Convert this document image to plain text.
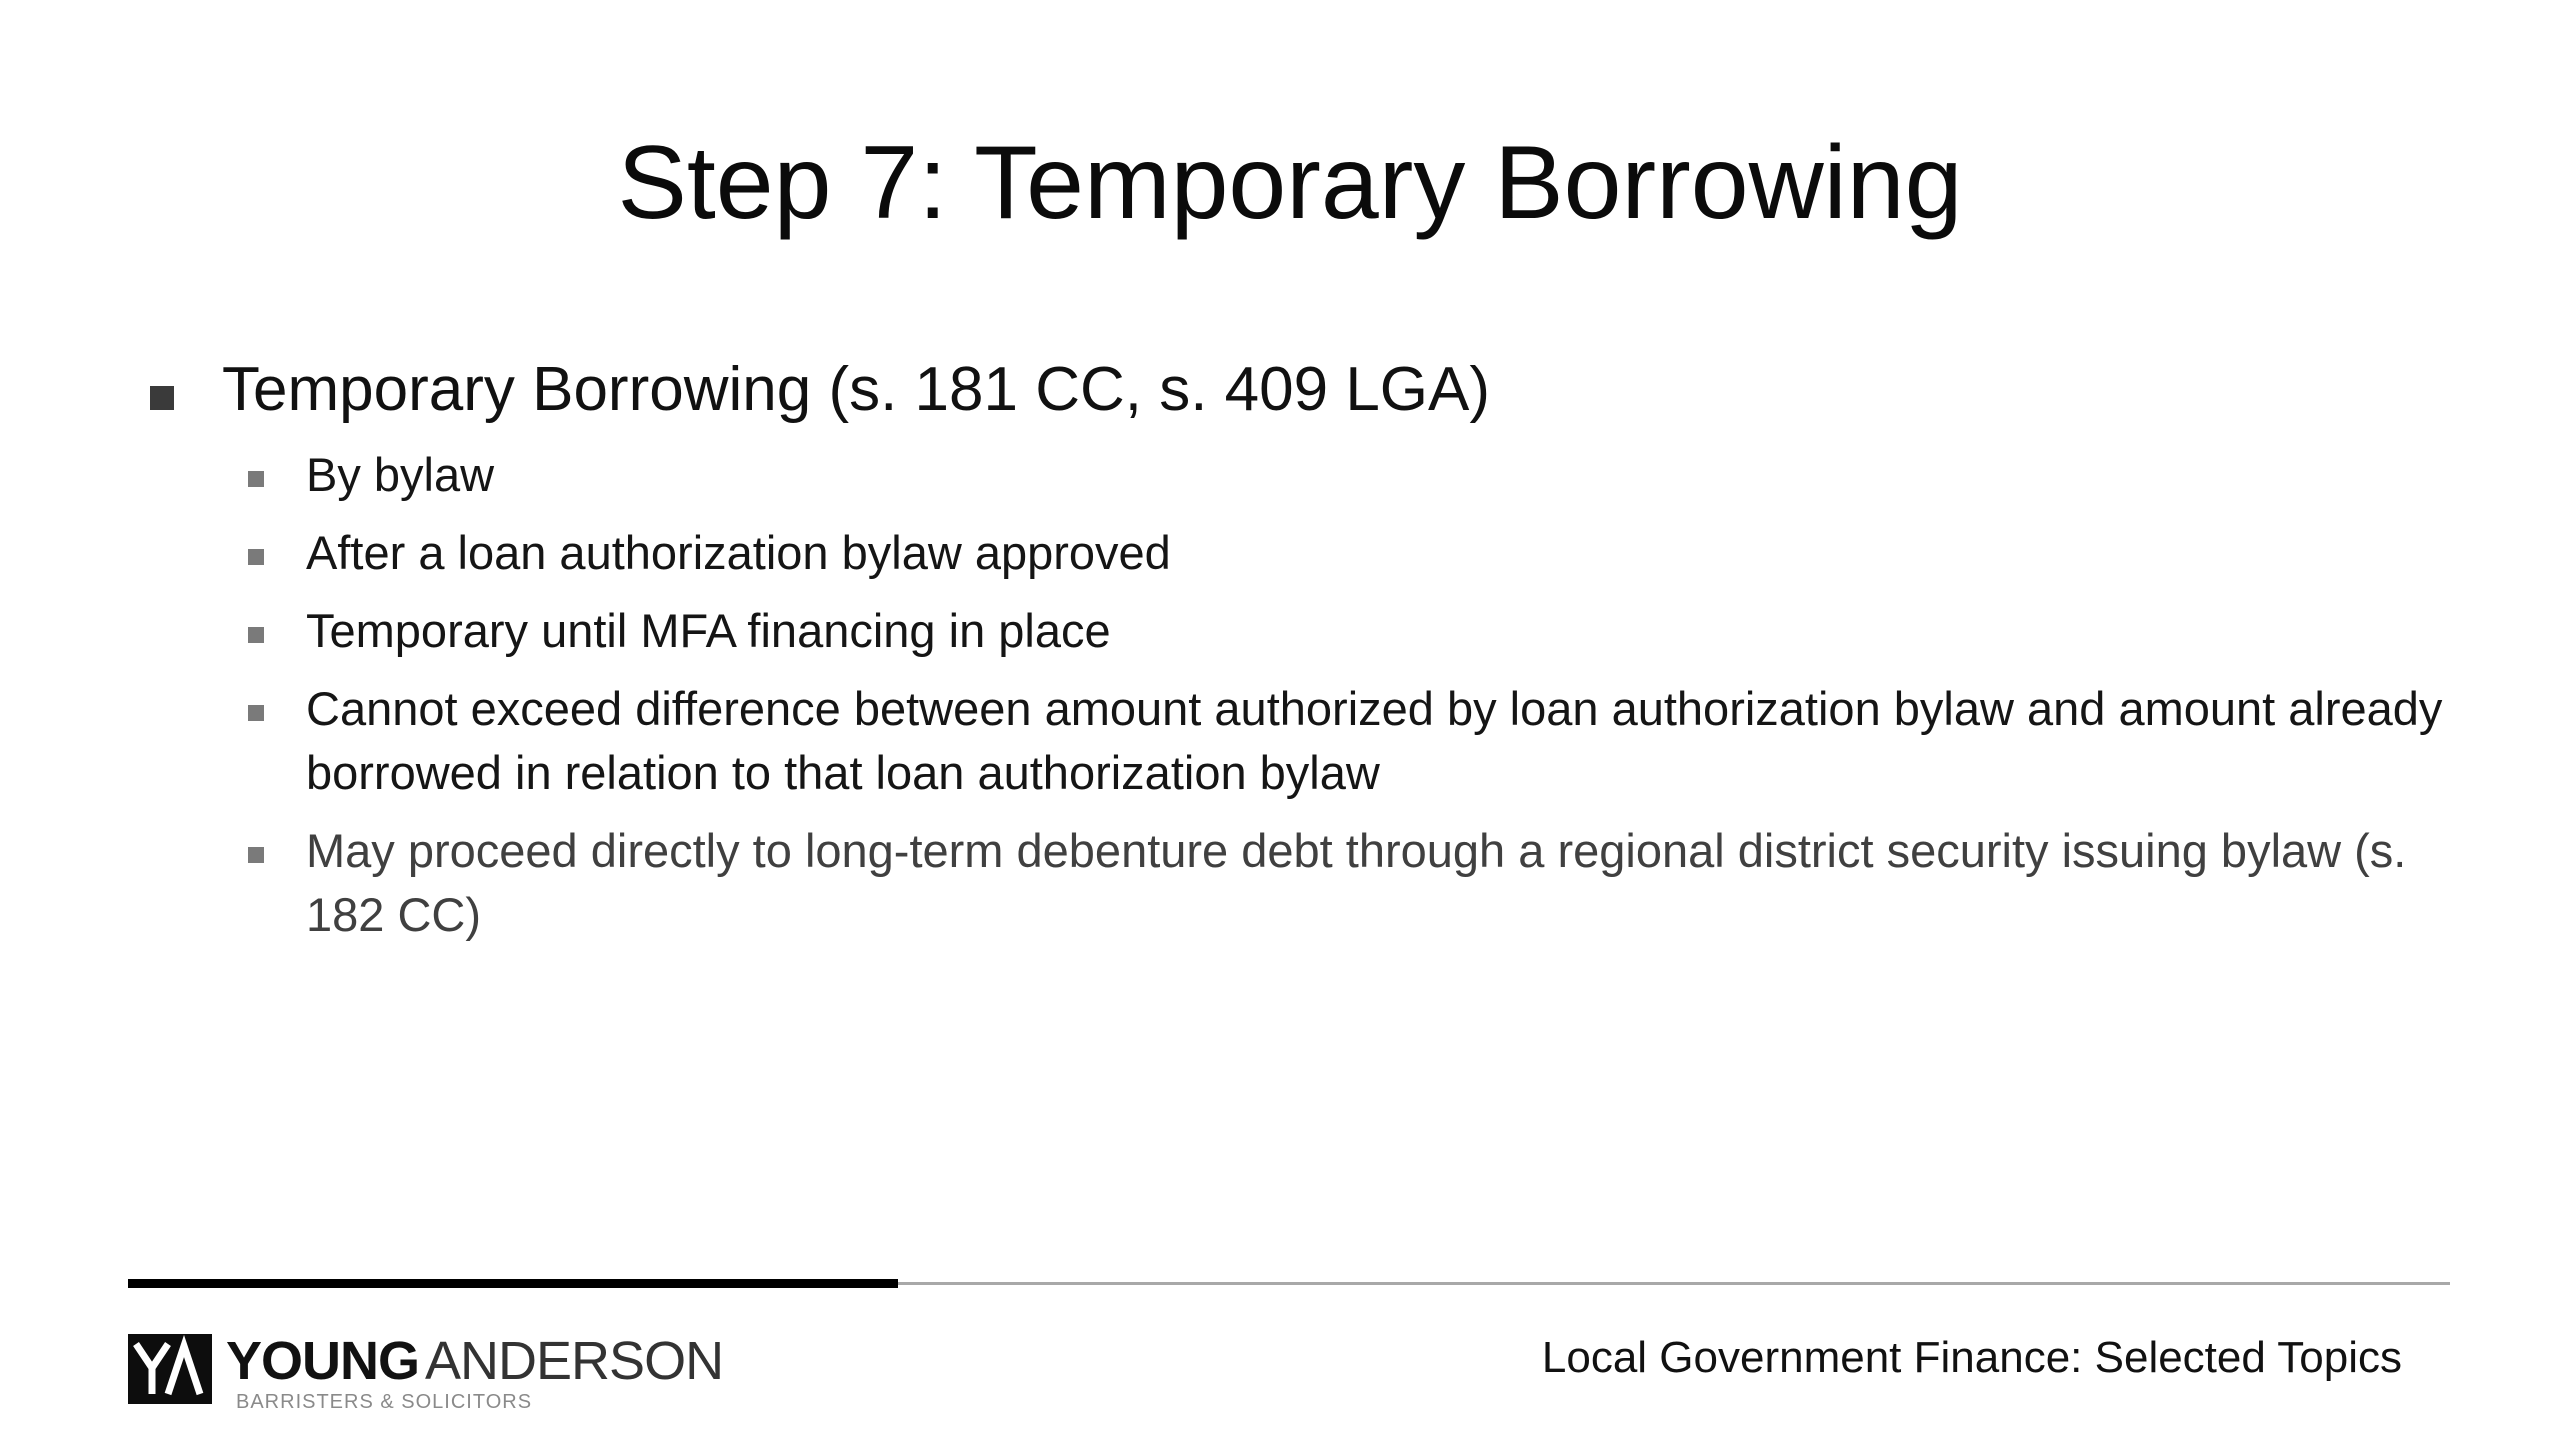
Step 7: Temporary Borrowing
Temporary Borrowing (s. 181 CC, s. 409 LGA)
By bylaw
After a loan authorization bylaw approved
Temporary until MFA financing in place
Cannot exceed difference between amount authorized by loan authorization bylaw and amount already borrowed in relation to that loan authorization bylaw
May proceed directly to long-term debenture debt through a regional district security issuing bylaw (s. 182 CC)
YOUNG ANDERSON
BARRISTERS & SOLICITORS
Local Government Finance: Selected Topics
